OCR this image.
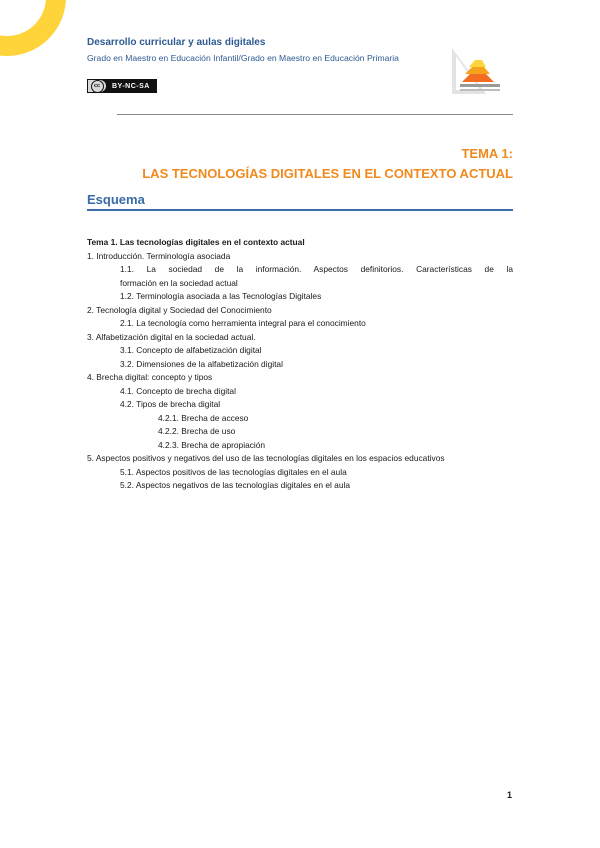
Desarrollo curricular y aulas digitales
Grado en Maestro en Educación Infantil/Grado en Maestro en Educación Primaria
cc	BY-NC-SA
TEMA 1:
LAS TECNOLOGÍAS DIGITALES EN EL CONTEXTO ACTUAL
Esquema
Tema 1. Las tecnologías digitales en el contexto actual
1. Introducción. Terminología asociada
1.1. La sociedad de la información. Aspectos definitorios. Características de la
formación en la sociedad actual
1.2. Terminología asociada a las Tecnologías Digitales
2. Tecnología digital y Sociedad del Conocimiento
2.1. La tecnología como herramienta integral para el conocimiento
3. Alfabetización digital en la sociedad actual.
3.1. Concepto de alfabetización digital
3.2. Dimensiones de la alfabetización digital
4. Brecha digital: concepto y tipos
4.1. Concepto de brecha digital
4.2. Tipos de brecha digital
4.2.1. Brecha de acceso
4.2.2. Brecha de uso
4.2.3. Brecha de apropiación
5. Aspectos positivos y negativos del uso de las tecnologías digitales en los espacios educativos
5.1. Aspectos positivos de las tecnologías digitales en el aula
5.2. Aspectos negativos de las tecnologías digitales en el aula
1
